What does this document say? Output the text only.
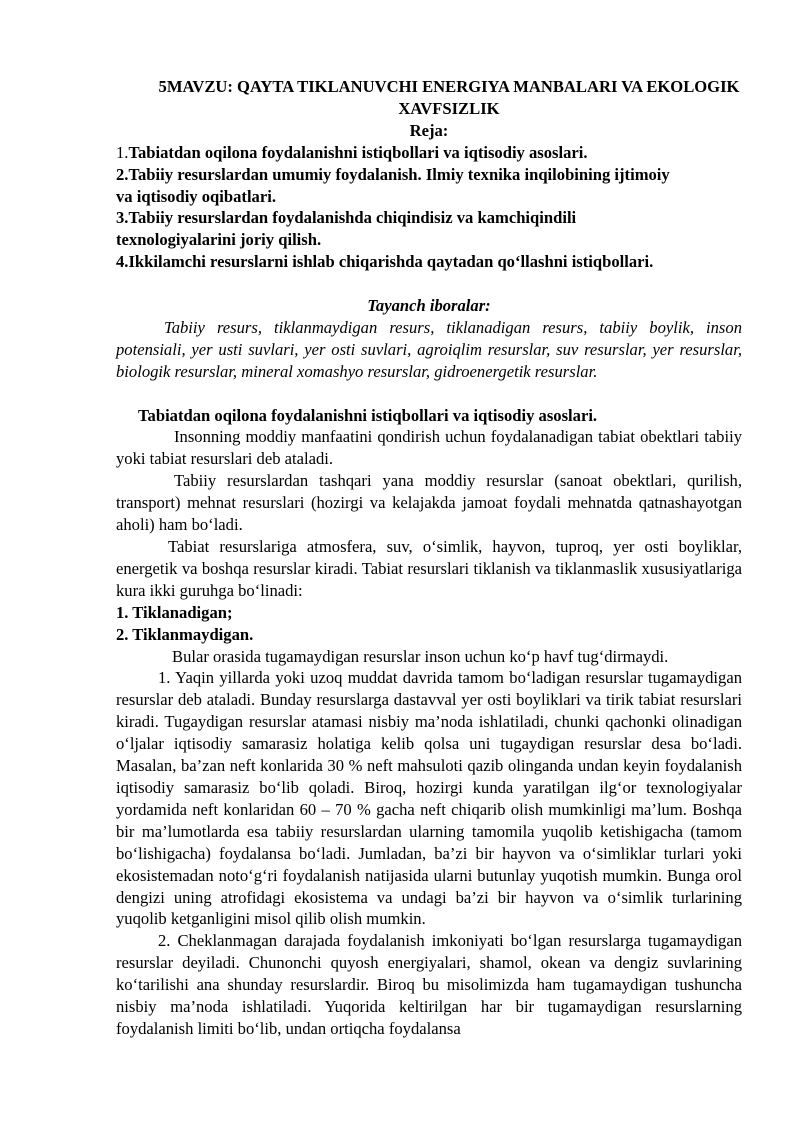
5MAVZU: QAYTA TIKLANUVCHI ENERGIYA MANBALARI VA EKOLOGIK XAVFSIZLIK

Reja:

1.Tabiatdan oqilona foydalanishni istiqbollari va iqtisodiy asoslari.
2.Tabiiy resurslardan umumiy foydalanish. Ilmiy texnika inqilobining ijtimoiy va iqtisodiy oqibatlari.
3.Tabiiy resurslardan foydalanishda chiqindisiz va kamchiqindili texnologiyalarini joriy qilish.
4.Ikkilamchi resurslarni ishlab chiqarishda qaytadan qo‘llashni istiqbollari.

Tayanch iboralar:

Tabiiy resurs, tiklanmaydigan resurs, tiklanadigan resurs, tabiiy boylik, inson potensiali, yer usti suvlari, yer osti suvlari, agroiqlim resurslar, suv resurslar, yer resurslar, biologik resurslar, mineral xomashyo resurslar, gidroenergetik resurslar.

Tabiatdan oqilona foydalanishni istiqbollari va iqtisodiy asoslari.

Insonning moddiy manfaatini qondirish uchun foydalanadigan tabiat obektlari tabiiy yoki tabiat resurslari deb ataladi.

Tabiiy resurslardan tashqari yana moddiy resurslar (sanoat obektlari, qurilish, transport) mehnat resurslari (hozirgi va kelajakda jamoat foydali mehnatda qatnashayotgan aholi) ham bo‘ladi.

Tabiat resurslariga atmosfera, suv, o‘simlik, hayvon, tuproq, yer osti boyliklar, energetik va boshqa resurslar kiradi. Tabiat resurslari tiklanish va tiklanmaslik xususiyatlariga kura ikki guruhga bo‘linadi:

1. Tiklanadigan;

2. Tiklanmaydigan.

Bular orasida tugamaydigan resurslar inson uchun ko‘p havf tug‘dirmaydi.

1. Yaqin yillarda yoki uzoq muddat davrida tamom bo‘ladigan resurslar tugamaydigan resurslar deb ataladi. Bunday resurslarga dastavval yer osti boyliklari va tirik tabiat resurslari kiradi. Tugaydigan resurslar atamasi nisbiy ma’noda ishlatiladi, chunki qachonki olinadigan o‘ljalar iqtisodiy samarasiz holatiga kelib qolsa uni tugaydigan resurslar desa bo‘ladi. Masalan, ba’zan neft konlarida 30 % neft mahsuloti qazib olinganda undan keyin foydalanish iqtisodiy samarasiz bo‘lib qoladi. Biroq, hozirgi kunda yaratilgan ilg‘or texnologiyalar yordamida neft konlaridan 60 – 70 % gacha neft chiqarib olish mumkinligi ma’lum. Boshqa bir ma’lumotlarda esa tabiiy resurslardan ularning tamomila yuqolib ketishigacha (tamom bo‘lishigacha) foydalansa bo‘ladi. Jumladan, ba’zi bir hayvon va o‘simliklar turlari yoki ekosistemadan noto‘g‘ri foydalanish natijasida ularni butunlay yuqotish mumkin. Bunga orol dengizi uning atrofidagi ekosistema va undagi ba’zi bir hayvon va o‘simlik turlarining yuqolib ketganligini misol qilib olish mumkin.

2. Cheklanmagan darajada foydalanish imkoniyati bo‘lgan resurslarga tugamaydigan resurslar deyiladi. Chunonchi quyosh energiyalari, shamol, okean va dengiz suvlarining ko‘tarilishi ana shunday resurslardir. Biroq bu misolimizda ham tugamaydigan tushuncha nisbiy ma’noda ishlatiladi. Yuqorida keltirilgan har bir tugamaydigan resurslarning foydalanish limiti bo‘lib, undan ortiqcha foydalansa
